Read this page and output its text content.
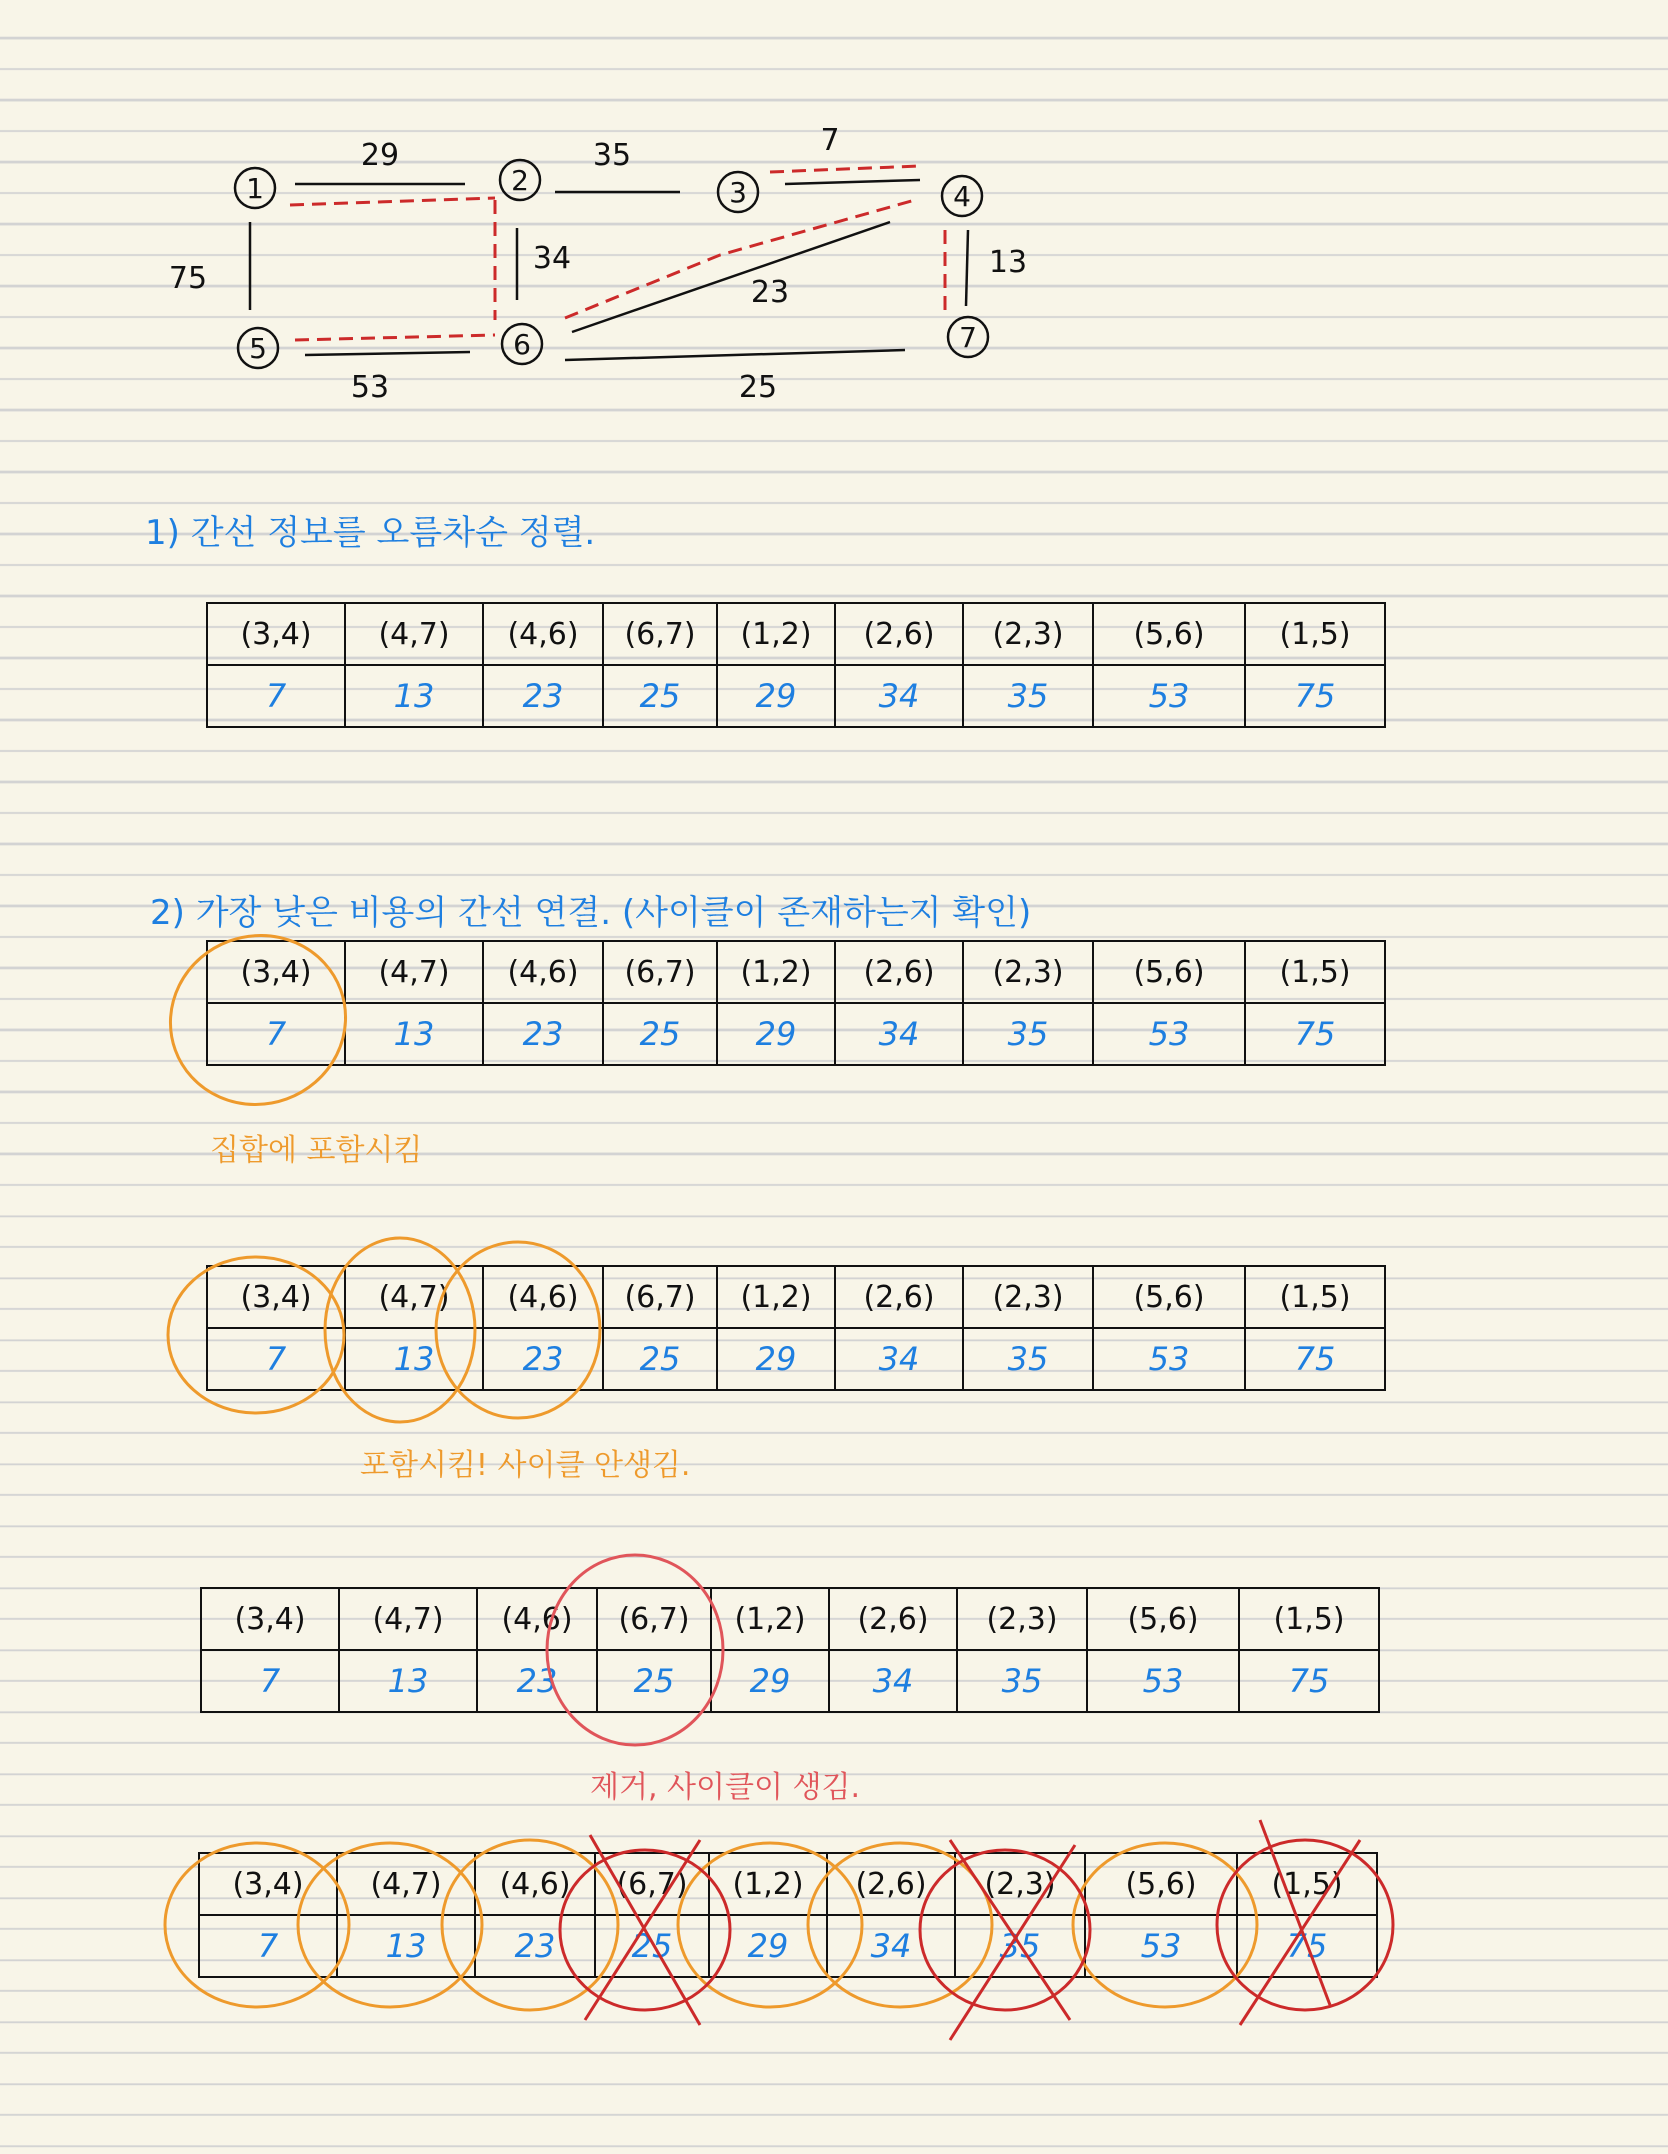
1	2	3	4
5	6	7
29	35	7
75
34
23
13
53	25
1) 간선 정보를 오름차순 정렬.
2) 가장 낮은 비용의 간선 연결. (사이클이 존재하는지 확인)
집합에 포함시킴
포함시킴! 사이클 안생김.
제거, 사이클이 생김.
(3,4)	(4,7)	(4,6)	(6,7)	(1,2)	(2,6)	(2,3)	(5,6)	(1,5)
7	13	23	25	29	34	35	53	75
(3,4)	(4,7)	(4,6)	(6,7)	(1,2)	(2,6)	(2,3)	(5,6)	(1,5)
7	13	23	25	29	34	35	53	75
(3,4)	(4,7)	(4,6)	(6,7)	(1,2)	(2,6)	(2,3)	(5,6)	(1,5)
7	13	23	25	29	34	35	53	75
(3,4)	(4,7)	(4,6)	(6,7)	(1,2)	(2,6)	(2,3)	(5,6)	(1,5)
7	13	23	25	29	34	35	53	75
(3,4)	(4,7)	(4,6)	(6,7)	(1,2)	(2,6)	(2,3)	(5,6)	(1,5)
7	13	23	25	29	34	35	53	75
